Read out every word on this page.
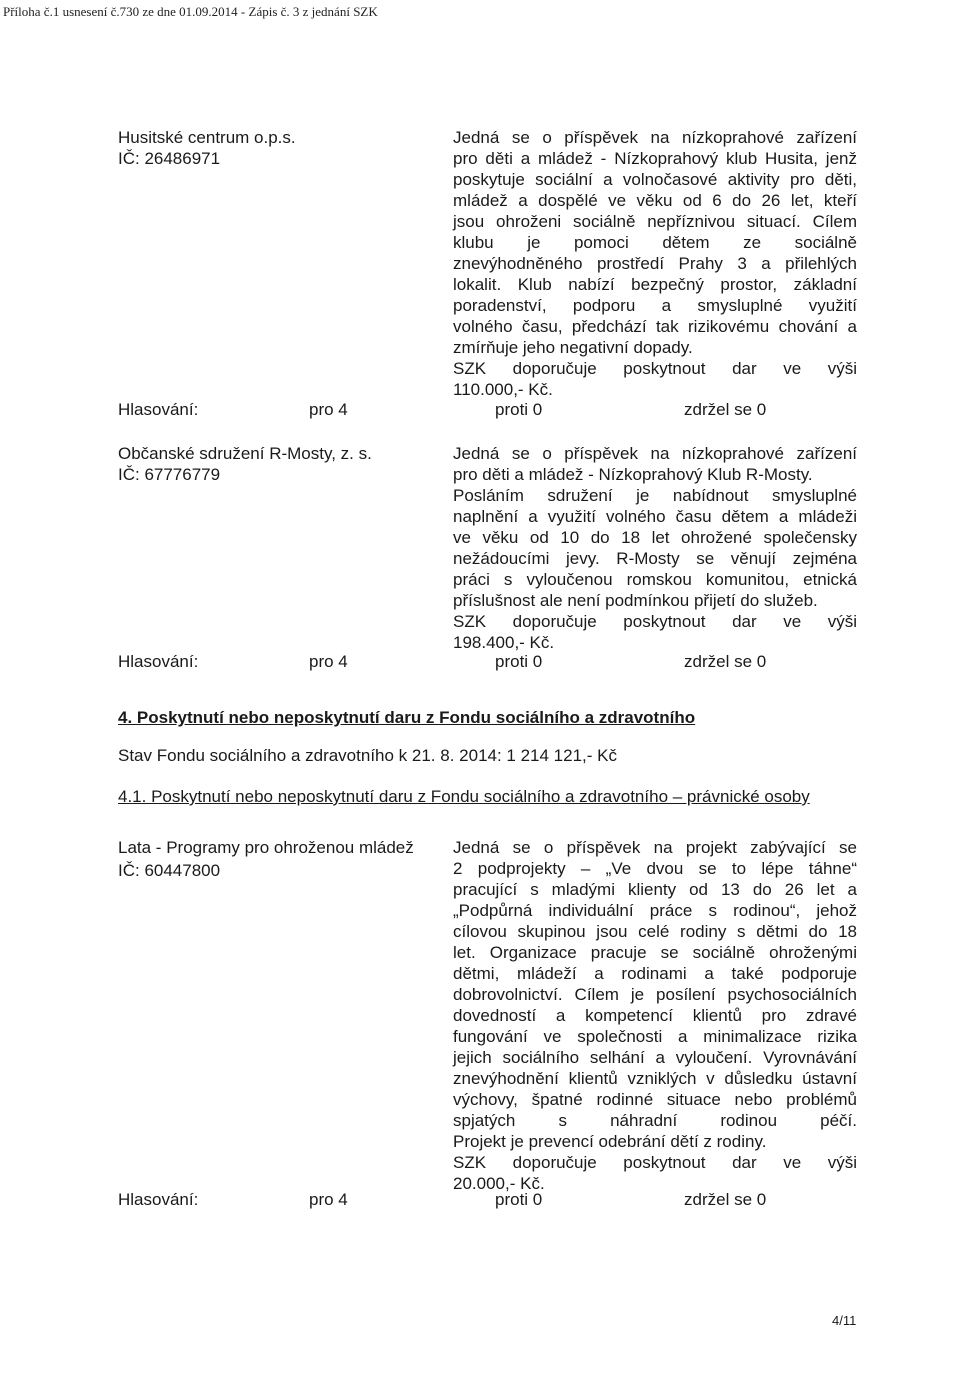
Příloha č.1 usnesení č.730 ze dne 01.09.2014 - Zápis č. 3 z jednání SZK
Husitské centrum o.p.s.
IČ: 26486971
Jedná se o příspěvek na nízkoprahové zařízení
pro děti a mládež - Nízkoprahový klub Husita, jenž
poskytuje sociální a volnočasové aktivity pro děti,
mládež a dospělé ve věku od 6 do 26 let, kteří
jsou ohroženi sociálně nepříznivou situací. Cílem
klubu je pomoci dětem ze sociálně
znevýhodněného prostředí Prahy 3 a přilehlých
lokalit. Klub nabízí bezpečný prostor, základní
poradenství, podporu a smysluplné využití
volného času, předchází tak rizikovému chování a
zmírňuje jeho negativní dopady.
SZK doporučuje poskytnout dar ve výši
110.000,- Kč.
Hlasování:	pro 4	proti 0	zdržel se 0
Občanské sdružení R-Mosty, z. s.
IČ: 67776779
Jedná se o příspěvek na nízkoprahové zařízení
pro děti a mládež - Nízkoprahový Klub R-Mosty.
Posláním sdružení je nabídnout smysluplné
naplnění a využití volného času dětem a mládeži
ve věku od 10 do 18 let ohrožené společensky
nežádoucími jevy. R-Mosty se věnují zejména
práci s vyloučenou romskou komunitou, etnická
příslušnost ale není podmínkou přijetí do služeb.
SZK doporučuje poskytnout dar ve výši
198.400,- Kč.
Hlasování:	pro 4	proti 0	zdržel se 0
4. Poskytnutí nebo neposkytnutí daru z Fondu sociálního a zdravotního
Stav Fondu sociálního a zdravotního k 21. 8. 2014: 1 214 121,- Kč
4.1. Poskytnutí nebo neposkytnutí daru z Fondu sociálního a zdravotního – právnické osoby
Lata - Programy pro ohroženou mládež
IČ: 60447800
Jedná se o příspěvek na projekt zabývající se
2 podprojekty – „Ve dvou se to lépe táhne“
pracující s mladými klienty od 13 do 26 let a
„Podpůrná individuální práce s rodinou“, jehož
cílovou skupinou jsou celé rodiny s dětmi do 18
let. Organizace pracuje se sociálně ohroženými
dětmi, mládeží a rodinami a také podporuje
dobrovolnictví. Cílem je posílení psychosociálních
dovedností a kompetencí klientů pro zdravé
fungování ve společnosti a minimalizace rizika
jejich sociálního selhání a vyloučení. Vyrovnávání
znevýhodnění klientů vzniklých v důsledku ústavní
výchovy, špatné rodinné situace nebo problémů
spjatých s náhradní rodinou péčí.
Projekt je prevencí odebrání dětí z rodiny.
SZK doporučuje poskytnout dar ve výši
20.000,- Kč.
Hlasování:	pro 4	proti 0	zdržel se 0
4/11
